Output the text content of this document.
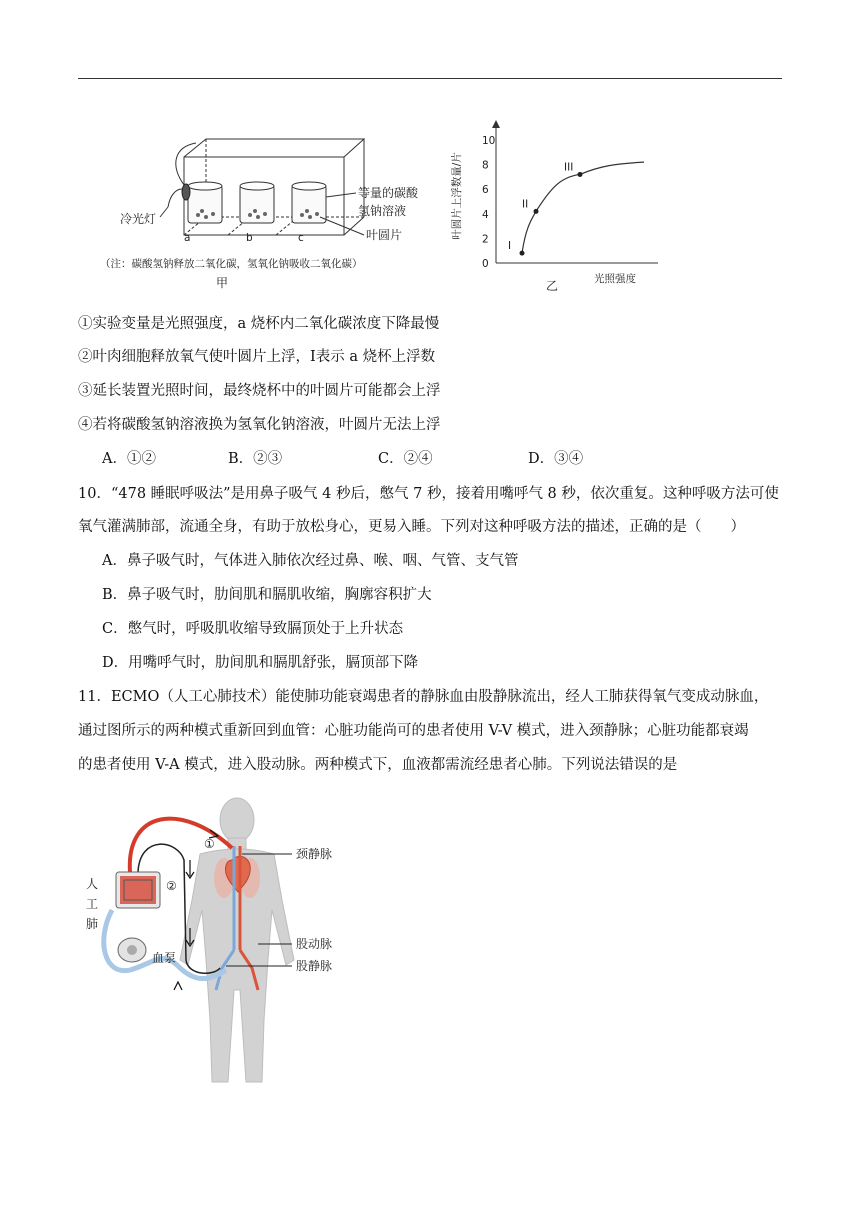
冷光灯
等量的碳酸
氢钠溶液
叶圆片
a	b	c
（注：碳酸氢钠释放二氧化碳，氢氧化钠吸收二氧化碳）
甲
0
2
4
6
8
10
叶圆片上浮数量/片
I
II
III
光照强度
乙
①实验变量是光照强度，a 烧杯内二氧化碳浓度下降最慢
②叶肉细胞释放氧气使叶圆片上浮，Ⅰ表示 a 烧杯上浮数
③延长装置光照时间，最终烧杯中的叶圆片可能都会上浮
④若将碳酸氢钠溶液换为氢氧化钠溶液，叶圆片无法上浮
A．①②	B．②③	C．②④	D．③④
10．“478 睡眠呼吸法”是用鼻子吸气 4 秒后，憋气 7 秒，接着用嘴呼气 8 秒，依次重复。这种呼吸方法可使
氧气灌满肺部，流通全身，有助于放松身心，更易入睡。下列对这种呼吸方法的描述，正确的是（　　）
A．鼻子吸气时，气体进入肺依次经过鼻、喉、咽、气管、支气管
B．鼻子吸气时，肋间肌和膈肌收缩，胸廓容积扩大
C．憋气时，呼吸肌收缩导致膈顶处于上升状态
D．用嘴呼气时，肋间肌和膈肌舒张，膈顶部下降
11．ECMO（人工心肺技术）能使肺功能衰竭患者的静脉血由股静脉流出，经人工肺获得氧气变成动脉血，
通过图所示的两种模式重新回到血管：心脏功能尚可的患者使用 V-V 模式，进入颈静脉；心脏功能都衰竭
的患者使用 V-A 模式，进入股动脉。两种模式下，血液都需流经患者心肺。下列说法错误的是
①
②
人
工
肺
血泵
颈静脉
股动脉
股静脉
